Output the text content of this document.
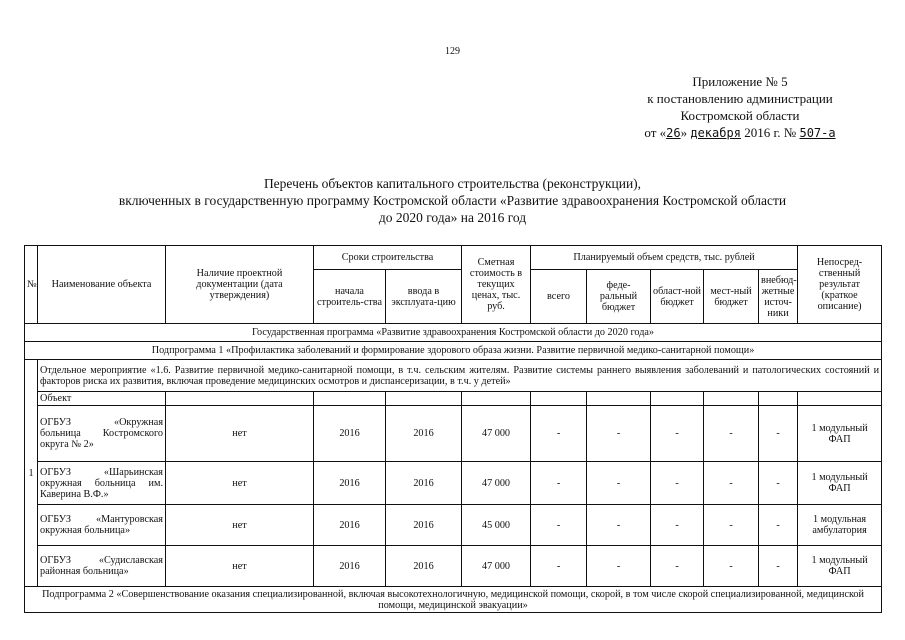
129
Приложение № 5
к постановлению администрации
Костромской области
от «26» декабря 2016 г. № 507-а
Перечень объектов капитального строительства (реконструкции),
включенных в государственную программу Костромской области «Развитие здравоохранения Костромской области
до 2020 года» на 2016 год
№	Наименование объекта	Наличие проектной документации (дата утверждения)	Сроки строительства		Сметная стоимость в текущих ценах, тыс. руб.	Планируемый объем средств, тыс. рублей					Непосред-ственный результат (краткое описание)
			начала строитель-ства	ввода в эксплуата-цию		всего	феде-ральный бюджет	област-ной бюджет	мест-ный бюджет	внебюд-жетные источ-ники	
Государственная программа «Развитие здравоохранения Костромской области до 2020 года»											
Подпрограмма 1 «Профилактика заболеваний и формирование здорового образа жизни. Развитие первичной медико-санитарной помощи»											
1	Отдельное мероприятие «1.6. Развитие первичной медико-санитарной помощи, в т.ч. сельским жителям. Развитие системы раннего выявления заболеваний и патологических состояний и факторов риска их развития, включая проведение медицинских осмотров и диспансеризации, в т.ч. у детей»										
	Объект										
	ОГБУЗ «Окружная больница Костромского округа № 2»	нет	2016	2016	47 000	-	-	-	-	-	1 модульный ФАП
	ОГБУЗ «Шарьинская окружная больница им. Каверина В.Ф.»	нет	2016	2016	47 000	-	-	-	-	-	1 модульный ФАП
	ОГБУЗ «Мантуровская окружная больница»	нет	2016	2016	45 000	-	-	-	-	-	1 модульная амбулатория
	ОГБУЗ «Судиславская районная больница»	нет	2016	2016	47 000	-	-	-	-	-	1 модульный ФАП
Подпрограмма 2 «Совершенствование оказания специализированной, включая высокотехнологичную, медицинской помощи, скорой, в том числе скорой специализированной, медицинской помощи, медицинской эвакуации»											
